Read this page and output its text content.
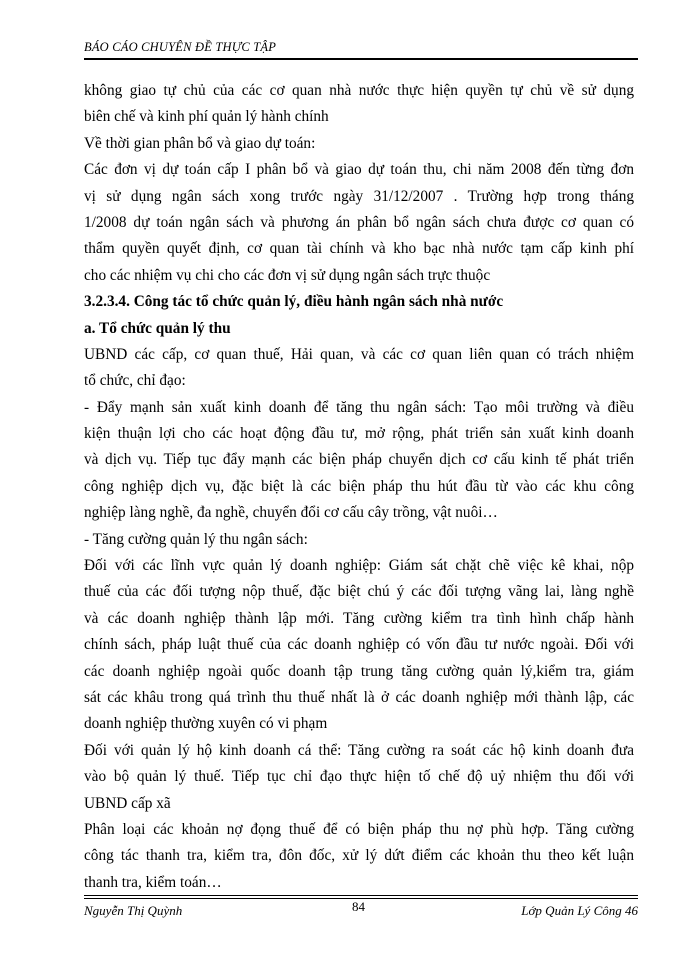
BÁO CÁO CHUYÊN ĐỀ THỰC TẬP
không giao tự chủ của các cơ quan nhà nước thực hiện quyền tự chủ về sử dụng
biên chế và kinh phí quản lý hành chính
Về thời gian phân bổ và giao dự toán:
Các đơn vị dự toán cấp I phân bổ và giao dự toán thu, chi năm 2008 đến từng đơn
vị sử dụng ngân sách xong trước ngày 31/12/2007 . Trường hợp trong tháng
1/2008 dự toán ngân sách và phương án phân bổ ngân sách chưa được cơ quan có
thẩm quyền quyết định, cơ quan tài chính và kho bạc nhà nước tạm cấp kinh phí
cho các nhiệm vụ chi cho các đơn vị sử dụng ngân sách trực thuộc
3.2.3.4. Công tác tổ chức quản lý, điều hành ngân sách nhà nước
a. Tổ chức quản lý thu
UBND các cấp, cơ quan thuế, Hải quan, và các cơ quan liên quan có trách nhiệm
tổ chức, chỉ đạo:
- Đẩy mạnh sản xuất kinh doanh để tăng thu ngân sách: Tạo môi trường và điều
kiện thuận lợi cho các hoạt động đầu tư, mở rộng, phát triển sản xuất kinh doanh
và dịch vụ. Tiếp tục đẩy mạnh các biện pháp chuyển dịch cơ cấu kinh tế phát triển
công nghiệp dịch vụ, đặc biệt là các biện pháp thu hút đầu từ vào các khu công
nghiệp làng nghề, đa nghề, chuyển đổi cơ cấu cây trồng, vật nuôi…
- Tăng cường quản lý thu ngân sách:
Đối với các lĩnh vực quản lý doanh nghiệp: Giám sát chặt chẽ việc kê khai, nộp
thuế của các đối tượng nộp thuế, đặc biệt chú ý các đối tượng vãng lai, làng nghề
và các doanh nghiệp thành lập mới. Tăng cường kiểm tra tình hình chấp hành
chính sách, pháp luật thuế của các doanh nghiệp có vốn đầu tư nước ngoài. Đối với
các doanh nghiệp ngoài quốc doanh tập trung tăng cường quản lý,kiểm tra, giám
sát các khâu trong quá trình thu thuế nhất là ở các doanh nghiệp mới thành lập, các
doanh nghiệp thường xuyên có vi phạm
Đối với quản lý hộ kinh doanh cá thể: Tăng cường ra soát các hộ kinh doanh đưa
vào bộ quản lý thuế. Tiếp tục chỉ đạo thực hiện tố chế độ uỷ nhiệm thu đối với
UBND cấp xã
Phân loại các khoản nợ đọng thuế để có biện pháp thu nợ phù hợp. Tăng cường
công tác thanh tra, kiểm tra, đôn đốc, xử lý dứt điểm các khoản thu theo kết luận
thanh tra, kiểm toán…
Nguyễn Thị Quỳnh	84	Lớp Quản Lý Công 46
